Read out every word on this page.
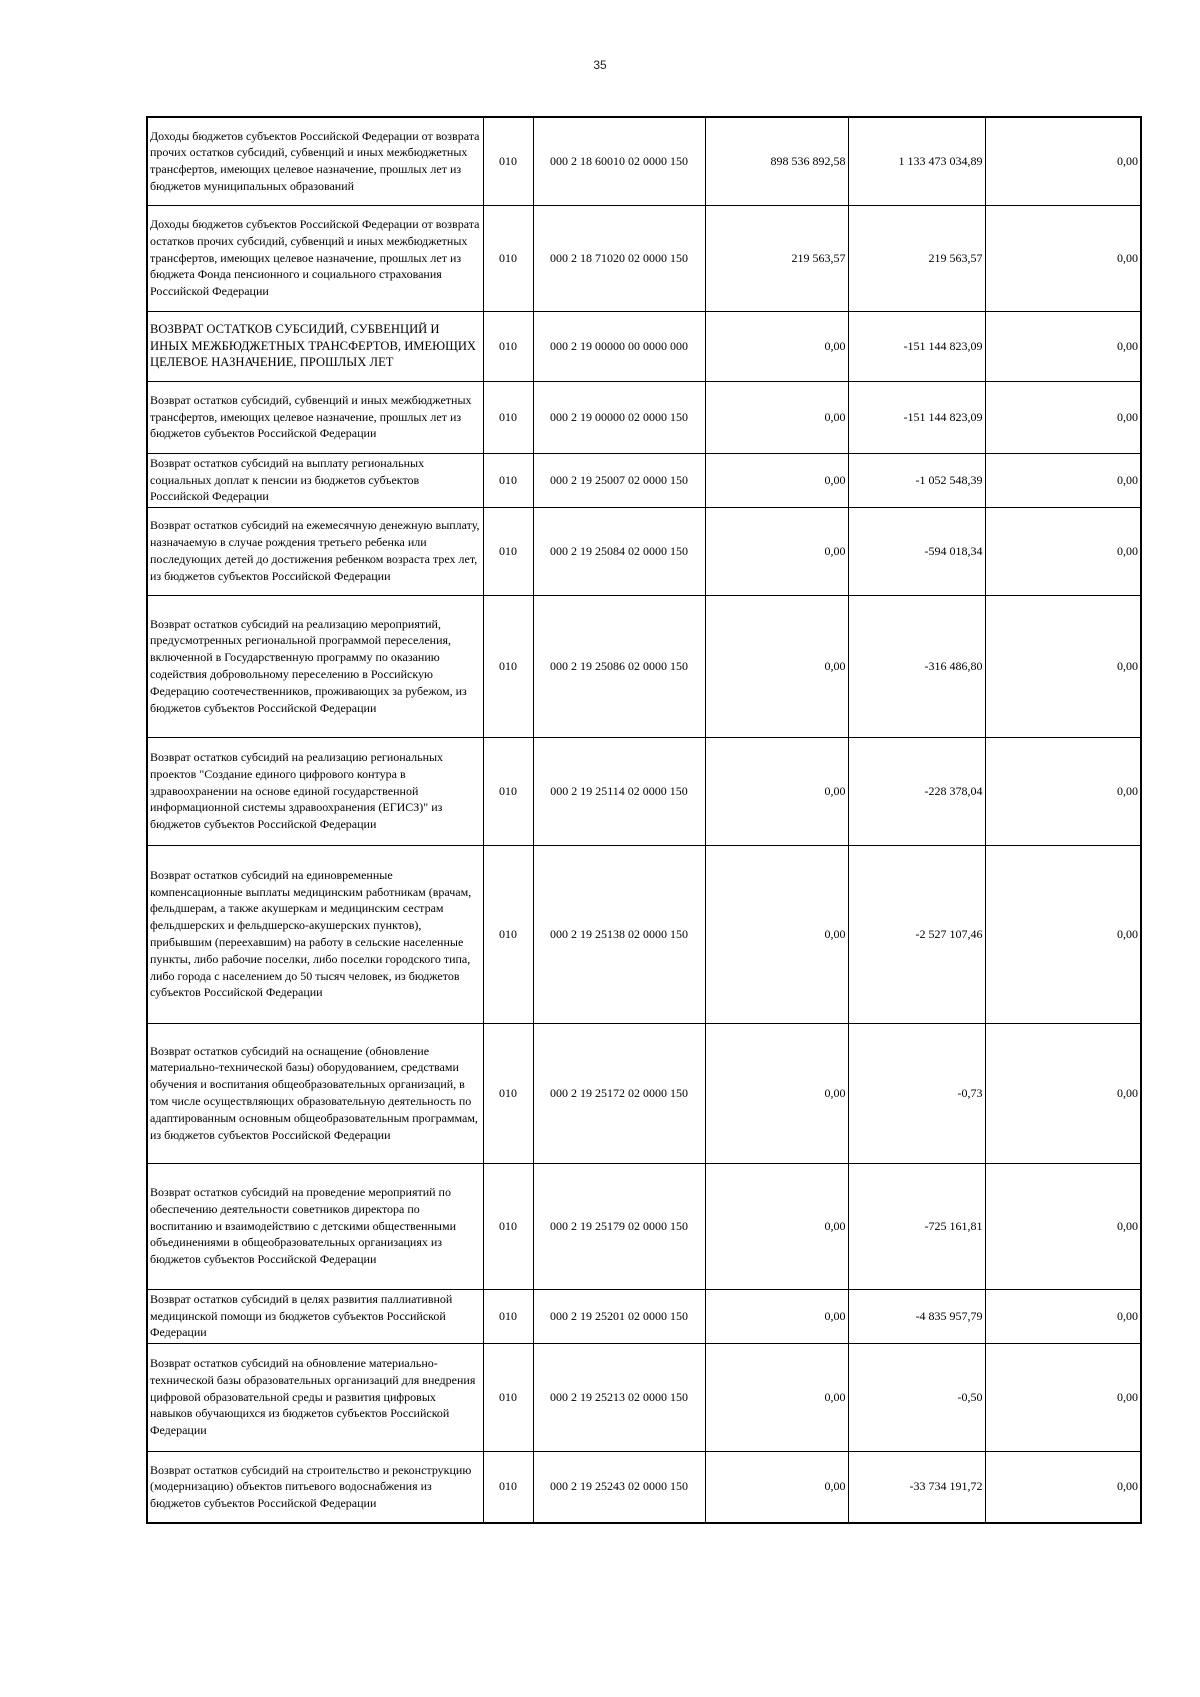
35
Доходы бюджетов субъектов Российской Федерации от возврата прочих остатков субсидий, субвенций и иных межбюджетных трансфертов, имеющих целевое назначение, прошлых лет из бюджетов муниципальных образований	010	000 2 18 60010 02 0000 150	898 536 892,58	1 133 473 034,89	0,00
Доходы бюджетов субъектов Российской Федерации от возврата остатков прочих субсидий, субвенций и иных межбюджетных трансфертов, имеющих целевое назначение, прошлых лет из бюджета Фонда пенсионного и социального страхования Российской Федерации	010	000 2 18 71020 02 0000 150	219 563,57	219 563,57	0,00
ВОЗВРАТ ОСТАТКОВ СУБСИДИЙ, СУБВЕНЦИЙ И ИНЫХ МЕЖБЮДЖЕТНЫХ ТРАНСФЕРТОВ, ИМЕЮЩИХ ЦЕЛЕВОЕ НАЗНАЧЕНИЕ, ПРОШЛЫХ ЛЕТ	010	000 2 19 00000 00 0000 000	0,00	-151 144 823,09	0,00
Возврат остатков субсидий, субвенций и иных межбюджетных трансфертов, имеющих целевое назначение, прошлых лет из бюджетов субъектов Российской Федерации	010	000 2 19 00000 02 0000 150	0,00	-151 144 823,09	0,00
Возврат остатков субсидий на выплату региональных социальных доплат к пенсии из бюджетов субъектов Российской Федерации	010	000 2 19 25007 02 0000 150	0,00	-1 052 548,39	0,00
Возврат остатков субсидий на ежемесячную денежную выплату, назначаемую в случае рождения третьего ребенка или последующих детей до достижения ребенком возраста трех лет, из бюджетов субъектов Российской Федерации	010	000 2 19 25084 02 0000 150	0,00	-594 018,34	0,00
Возврат остатков субсидий на реализацию мероприятий, предусмотренных региональной программой переселения, включенной в Государственную программу по оказанию содействия добровольному переселению в Российскую Федерацию соотечественников, проживающих за рубежом, из бюджетов субъектов Российской Федерации	010	000 2 19 25086 02 0000 150	0,00	-316 486,80	0,00
Возврат остатков субсидий на реализацию региональных проектов "Создание единого цифрового контура в здравоохранении на основе единой государственной информационной системы здравоохранения (ЕГИСЗ)" из бюджетов субъектов Российской Федерации	010	000 2 19 25114 02 0000 150	0,00	-228 378,04	0,00
Возврат остатков субсидий на единовременные компенсационные выплаты медицинским работникам (врачам, фельдшерам, а также акушеркам и медицинским сестрам фельдшерских и фельдшерско-акушерских пунктов), прибывшим (переехавшим) на работу в сельские населенные пункты, либо рабочие поселки, либо поселки городского типа, либо города с населением до 50 тысяч человек, из бюджетов субъектов Российской Федерации	010	000 2 19 25138 02 0000 150	0,00	-2 527 107,46	0,00
Возврат остатков субсидий на оснащение (обновление материально-технической базы) оборудованием, средствами обучения и воспитания общеобразовательных организаций, в том числе осуществляющих образовательную деятельность по адаптированным основным общеобразовательным программам, из бюджетов субъектов Российской Федерации	010	000 2 19 25172 02 0000 150	0,00	-0,73	0,00
Возврат остатков субсидий на проведение мероприятий по обеспечению деятельности советников директора по воспитанию и взаимодействию с детскими общественными объединениями в общеобразовательных организациях из бюджетов субъектов Российской Федерации	010	000 2 19 25179 02 0000 150	0,00	-725 161,81	0,00
Возврат остатков субсидий в целях развития паллиативной медицинской помощи из бюджетов субъектов Российской Федерации	010	000 2 19 25201 02 0000 150	0,00	-4 835 957,79	0,00
Возврат остатков субсидий на обновление материально-технической базы образовательных организаций для внедрения цифровой образовательной среды и развития цифровых навыков обучающихся из бюджетов субъектов Российской Федерации	010	000 2 19 25213 02 0000 150	0,00	-0,50	0,00
Возврат остатков субсидий на строительство и реконструкцию (модернизацию) объектов питьевого водоснабжения из бюджетов субъектов Российской Федерации	010	000 2 19 25243 02 0000 150	0,00	-33 734 191,72	0,00
